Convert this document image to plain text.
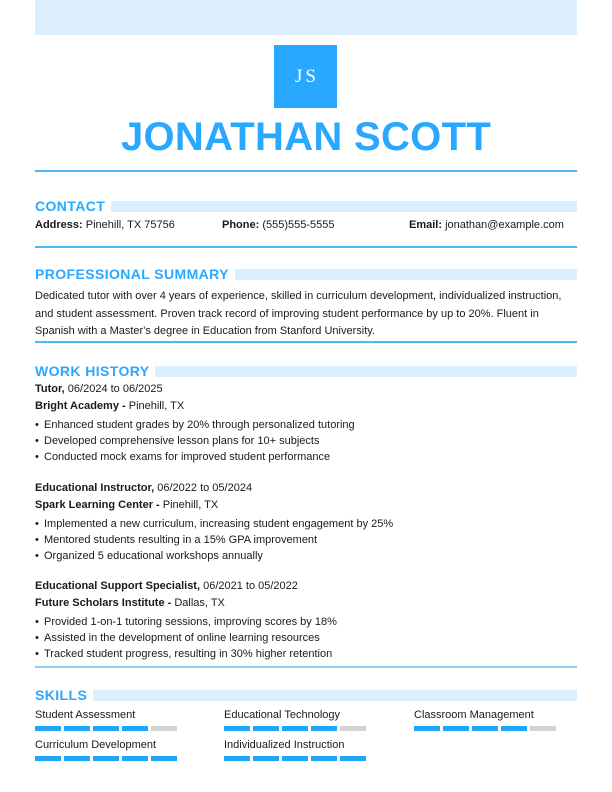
JS
JONATHAN SCOTT
CONTACT
Address: Pinehill, TX 75756	Phone: (555)555-5555	Email: jonathan@example.com
PROFESSIONAL SUMMARY
Dedicated tutor with over 4 years of experience, skilled in curriculum development, individualized instruction, and student assessment. Proven track record of improving student performance by up to 20%. Fluent in Spanish with a Master's degree in Education from Stanford University.
WORK HISTORY
Tutor, 06/2024 to 06/2025
Bright Academy - Pinehill, TX
• Enhanced student grades by 20% through personalized tutoring
• Developed comprehensive lesson plans for 10+ subjects
• Conducted mock exams for improved student performance
Educational Instructor, 06/2022 to 05/2024
Spark Learning Center - Pinehill, TX
• Implemented a new curriculum, increasing student engagement by 25%
• Mentored students resulting in a 15% GPA improvement
• Organized 5 educational workshops annually
Educational Support Specialist, 06/2021 to 05/2022
Future Scholars Institute - Dallas, TX
• Provided 1-on-1 tutoring sessions, improving scores by 18%
• Assisted in the development of online learning resources
• Tracked student progress, resulting in 30% higher retention
SKILLS
Student Assessment	Educational Technology	Classroom Management
Curriculum Development	Individualized Instruction
